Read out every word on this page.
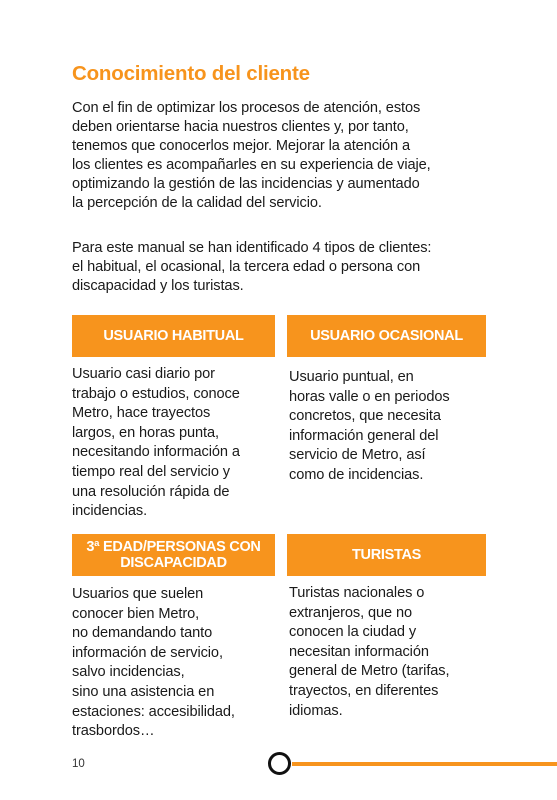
Conocimiento del cliente
Con el fin de optimizar los procesos de atención, estos
deben orientarse hacia nuestros clientes y, por tanto,
tenemos que conocerlos mejor. Mejorar la atención a
los clientes es acompañarles en su experiencia de viaje,
optimizando la gestión de las incidencias y aumentado
la percepción de la calidad del servicio.
Para este manual se han identificado 4 tipos de clientes:
el habitual, el ocasional, la tercera edad o persona con
discapacidad y los turistas.
USUARIO HABITUAL
Usuario casi diario por
trabajo o estudios, conoce
Metro, hace trayectos
largos, en horas punta,
necesitando información a
tiempo real del servicio y
una resolución rápida de
incidencias.
USUARIO OCASIONAL
Usuario puntual, en
horas valle o en periodos
concretos, que necesita
información general del
servicio de Metro, así
como de incidencias.
3ª EDAD/PERSONAS CON
DISCAPACIDAD
Usuarios que suelen
conocer bien Metro,
no demandando tanto
información de servicio,
salvo incidencias,
sino una asistencia en
estaciones: accesibilidad,
trasbordos…
TURISTAS
Turistas nacionales o
extranjeros, que no
conocen la ciudad y
necesitan información
general de Metro (tarifas,
trayectos, en diferentes
idiomas.
10
